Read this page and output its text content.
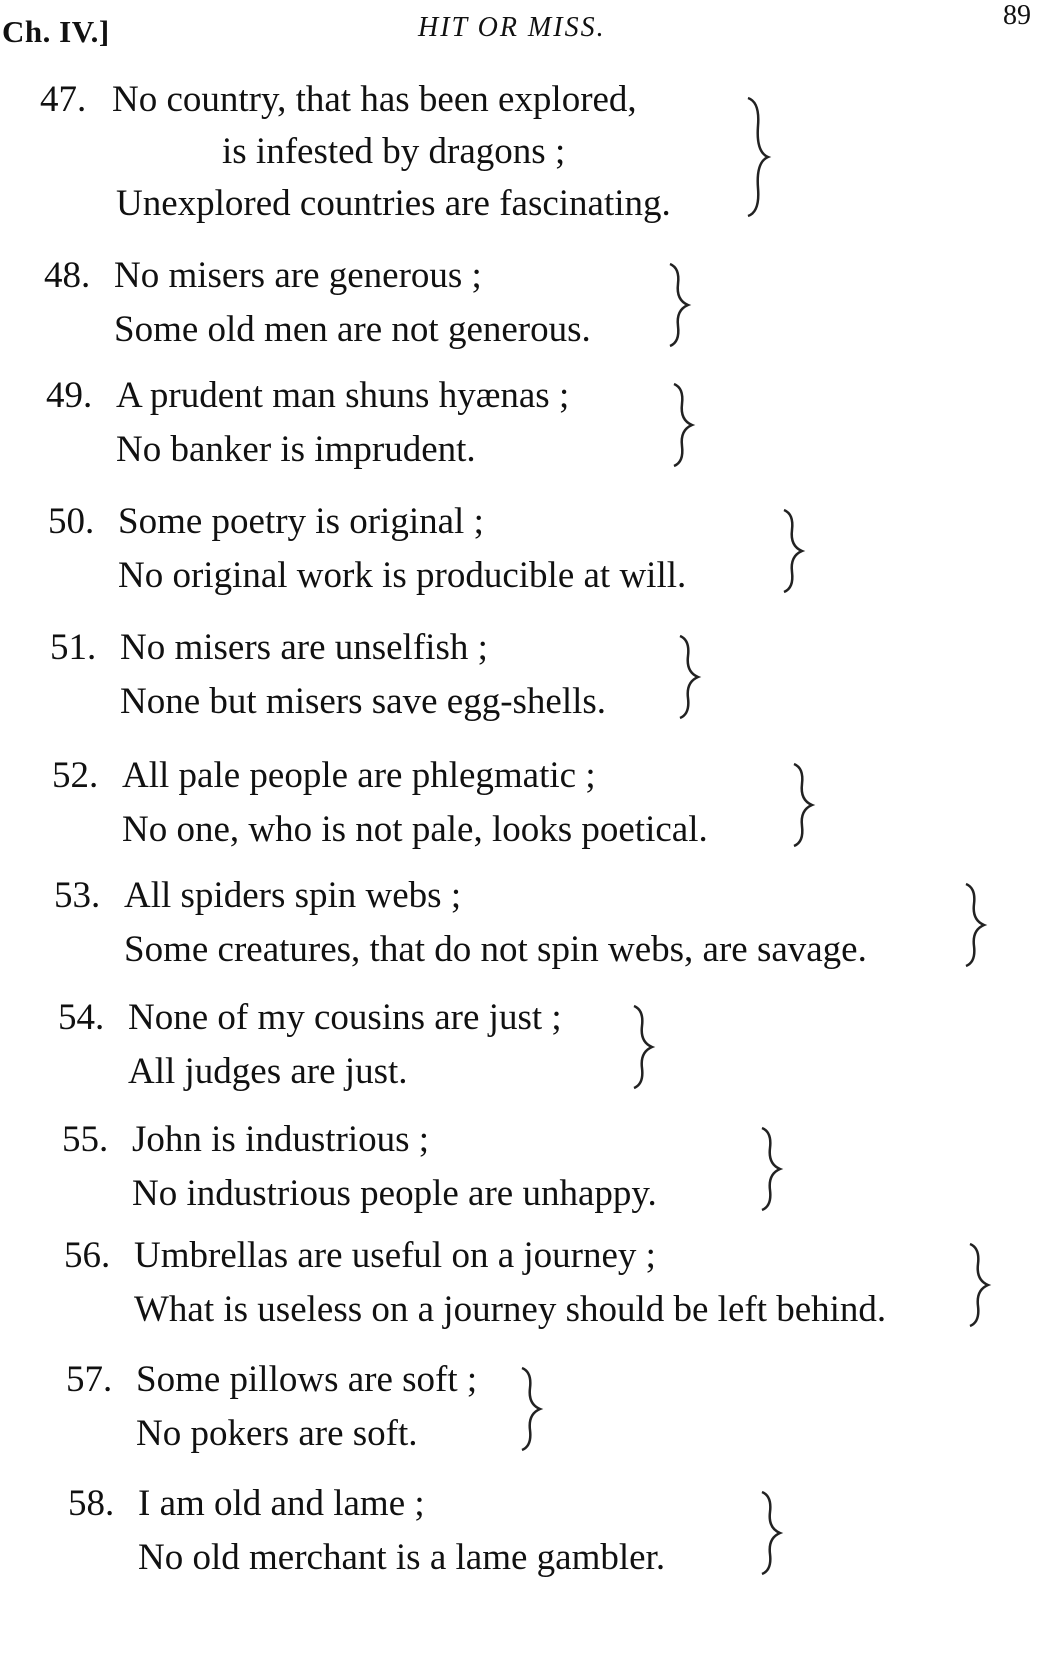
Ch. IV.]	HIT OR MISS.	89
47. No country, that has been explored,
is infested by dragons ;
Unexplored countries are fascinating.
48. No misers are generous ;
Some old men are not generous.
49. A prudent man shuns hyænas ;
No banker is imprudent.
50. Some poetry is original ;
No original work is producible at will.
51. No misers are unselfish ;
None but misers save egg-shells.
52. All pale people are phlegmatic ;
No one, who is not pale, looks poetical.
53. All spiders spin webs ;
Some creatures, that do not spin webs, are savage.
54. None of my cousins are just ;
All judges are just.
55. John is industrious ;
No industrious people are unhappy.
56. Umbrellas are useful on a journey ;
What is useless on a journey should be left behind.
57. Some pillows are soft ;
No pokers are soft.
58. I am old and lame ;
No old merchant is a lame gambler.
